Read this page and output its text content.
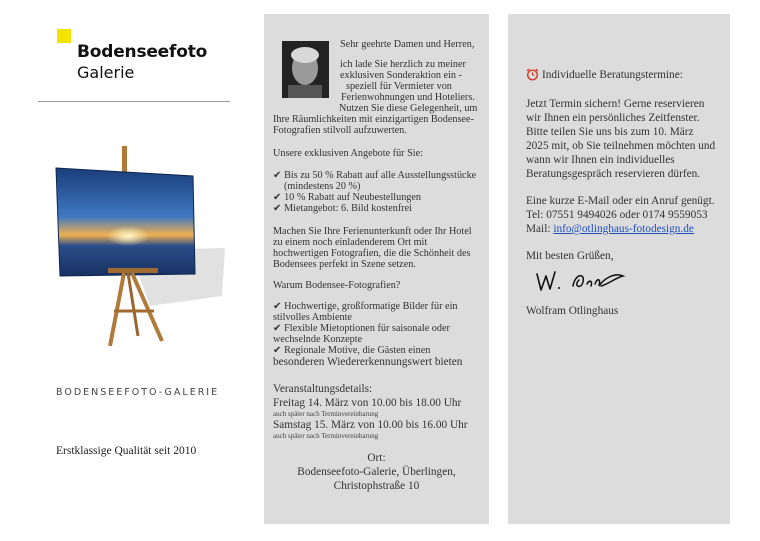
Bodenseefoto
Galerie
BODENSEEFOTO-GALERIE
Erstklassige Qualität seit 2010
Sehr geehrte Damen und Herren,
ich lade Sie herzlich zu meiner
exklusiven Sonderaktion ein -
speziell für Vermieter von
Ferienwohnungen und Hoteliers.
Nutzen Sie diese Gelegenheit, um
Ihre Räumlichkeiten mit einzigartigen Bodensee-
Fotografien stilvoll aufzuwerten.
Unsere exklusiven Angebote für Sie:
✔ Bis zu 50 % Rabatt auf alle Ausstellungsstücke
(mindestens 20 %)
✔ 10 % Rabatt auf Neubestellungen
✔ Mietangebot: 6. Bild kostenfrei
Machen Sie Ihre Ferienunterkunft oder Ihr Hotel
zu einem noch einladenderem Ort mit
hochwertigen Fotografien, die die Schönheit des
Bodensees perfekt in Szene setzen.
Warum Bodensee-Fotografien?
✔ Hochwertige, großformatige Bilder für ein
stilvolles Ambiente
✔ Flexible Mietoptionen für saisonale oder
wechselnde Konzepte
✔ Regionale Motive, die Gästen einen
besonderen Wiedererkennungswert bieten
Veranstaltungsdetails:
Freitag 14. März von 10.00 bis 18.00 Uhr
auch später nach Terminvereinbarung
Samstag 15. März von 10.00 bis 16.00 Uhr
auch später nach Terminvereinbarung
Ort:
Bodenseefoto-Galerie, Überlingen,
Christophstraße 10
Individuelle Beratungstermine:
Jetzt Termin sichern! Gerne reservieren
wir Ihnen ein persönliches Zeitfenster.
Bitte teilen Sie uns bis zum 10. März
2025 mit, ob Sie teilnehmen möchten und
wann wir Ihnen ein individuelles
Beratungsgespräch reservieren dürfen.
Eine kurze E-Mail oder ein Anruf genügt.
Tel: 07551 9494026 oder 0174 9559053
Mail: info@otlinghaus-fotodesign.de
Mit besten Grüßen,
Wolfram Otlinghaus
